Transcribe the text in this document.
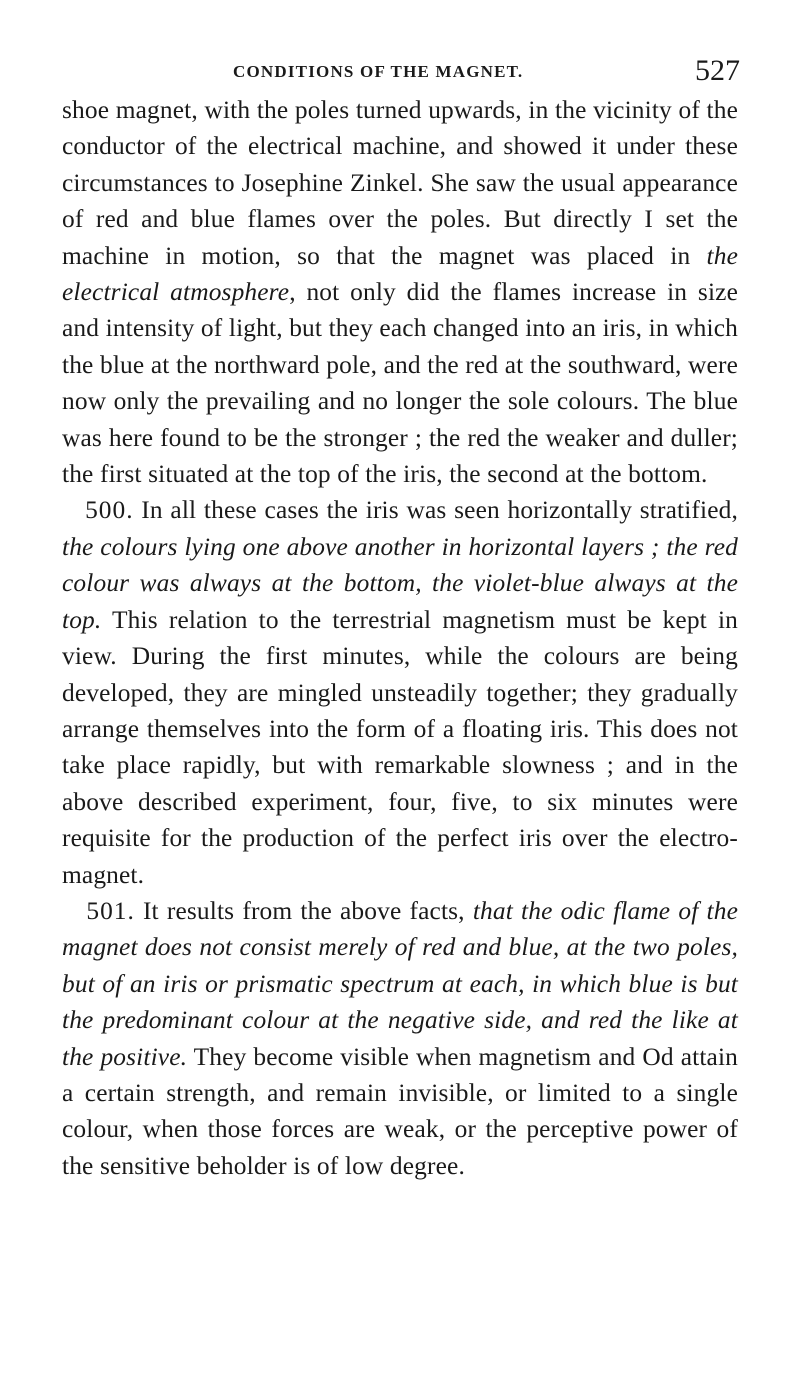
CONDITIONS OF THE MAGNET.	527

shoe magnet, with the poles turned upwards, in the vicinity of the conductor of the electrical machine, and showed it under these circumstances to Josephine Zinkel. She saw the usual appearance of red and blue flames over the poles. But directly I set the machine in motion, so that the magnet was placed in the electrical atmosphere, not only did the flames increase in size and intensity of light, but they each changed into an iris, in which the blue at the northward pole, and the red at the southward, were now only the prevailing and no longer the sole colours. The blue was here found to be the stronger ; the red the weaker and duller; the first situated at the top of the iris, the second at the bottom.

500. In all these cases the iris was seen horizontally stratified, the colours lying one above another in horizontal layers ; the red colour was always at the bottom, the violet-blue always at the top. This relation to the terrestrial magnetism must be kept in view. During the first minutes, while the colours are being developed, they are mingled unsteadily together; they gradually arrange themselves into the form of a floating iris. This does not take place rapidly, but with remarkable slowness ; and in the above described experiment, four, five, to six minutes were requisite for the production of the perfect iris over the electro-magnet.

501. It results from the above facts, that the odic flame of the magnet does not consist merely of red and blue, at the two poles, but of an iris or prismatic spectrum at each, in which blue is but the predominant colour at the negative side, and red the like at the positive. They become visible when magnetism and Od attain a certain strength, and remain invisible, or limited to a single colour, when those forces are weak, or the perceptive power of the sensitive beholder is of low degree.
